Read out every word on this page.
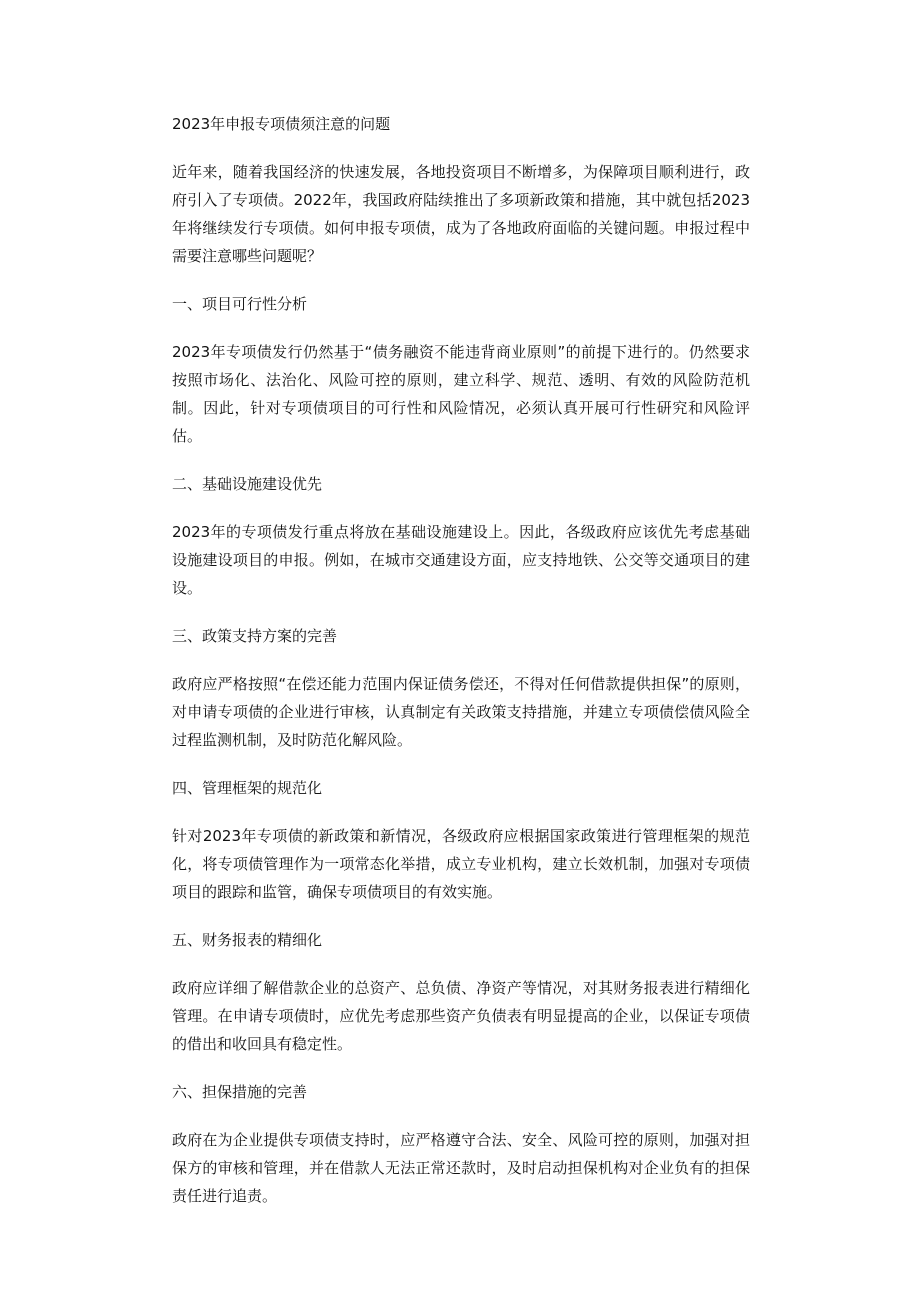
2023年申报专项债须注意的问题

近年来，随着我国经济的快速发展，各地投资项目不断增多，为保障项目顺利进行，政府引入了专项债。2022年，我国政府陆续推出了多项新政策和措施，其中就包括2023年将继续发行专项债。如何申报专项债，成为了各地政府面临的关键问题。申报过程中需要注意哪些问题呢？

一、项目可行性分析

2023年专项债发行仍然基于“债务融资不能违背商业原则”的前提下进行的。仍然要求按照市场化、法治化、风险可控的原则，建立科学、规范、透明、有效的风险防范机制。因此，针对专项债项目的可行性和风险情况，必须认真开展可行性研究和风险评估。

二、基础设施建设优先

2023年的专项债发行重点将放在基础设施建设上。因此，各级政府应该优先考虑基础设施建设项目的申报。例如，在城市交通建设方面，应支持地铁、公交等交通项目的建设。

三、政策支持方案的完善

政府应严格按照“在偿还能力范围内保证债务偿还，不得对任何借款提供担保”的原则，对申请专项债的企业进行审核，认真制定有关政策支持措施，并建立专项债偿债风险全过程监测机制，及时防范化解风险。

四、管理框架的规范化

针对2023年专项债的新政策和新情况，各级政府应根据国家政策进行管理框架的规范化，将专项债管理作为一项常态化举措，成立专业机构，建立长效机制，加强对专项债项目的跟踪和监管，确保专项债项目的有效实施。

五、财务报表的精细化

政府应详细了解借款企业的总资产、总负债、净资产等情况，对其财务报表进行精细化管理。在申请专项债时，应优先考虑那些资产负债表有明显提高的企业，以保证专项债的借出和收回具有稳定性。

六、担保措施的完善

政府在为企业提供专项债支持时，应严格遵守合法、安全、风险可控的原则，加强对担保方的审核和管理，并在借款人无法正常还款时，及时启动担保机构对企业负有的担保责任进行追责。
